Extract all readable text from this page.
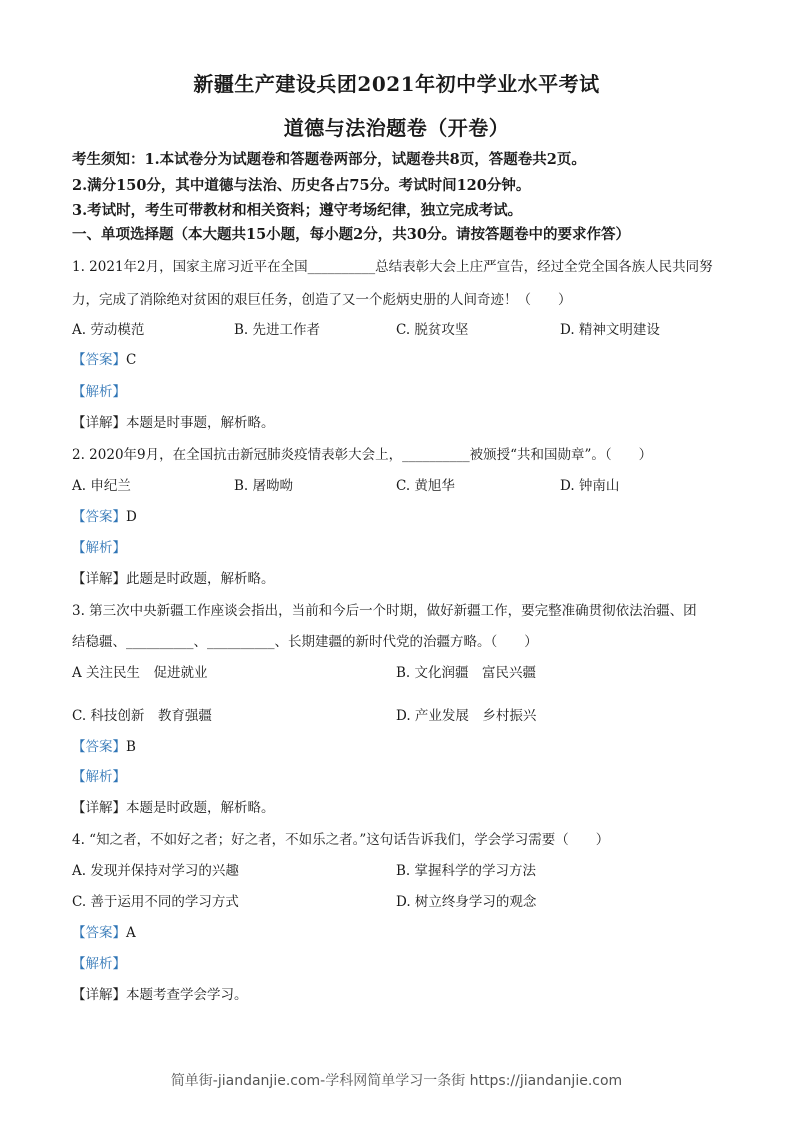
新疆生产建设兵团2021年初中学业水平考试
道德与法治题卷（开卷）
考生须知：1.本试卷分为试题卷和答题卷两部分，试题卷共8页，答题卷共2页。
2.满分150分，其中道德与法治、历史各占75分。考试时间120分钟。
3.考试时，考生可带教材和相关资料；遵守考场纪律，独立完成考试。
一、单项选择题（本大题共15小题，每小题2分，共30分。请按答题卷中的要求作答）
1. 2021年2月，国家主席习近平在全国__________总结表彰大会上庄严宣告，经过全党全国各族人民共同努
力，完成了消除绝对贫困的艰巨任务，创造了又一个彪炳史册的人间奇迹！（　　）
A. 劳动模范	B. 先进工作者	C. 脱贫攻坚	D. 精神文明建设
【答案】C
【解析】
【详解】本题是时事题，解析略。
2. 2020年9月，在全国抗击新冠肺炎疫情表彰大会上，__________被颁授“共和国勋章”。（　　）
A. 申纪兰	B. 屠呦呦	C. 黄旭华	D. 钟南山
【答案】D
【解析】
【详解】此题是时政题，解析略。
3. 第三次中央新疆工作座谈会指出，当前和今后一个时期，做好新疆工作，要完整准确贯彻依法治疆、团
结稳疆、__________、__________、长期建疆的新时代党的治疆方略。（　　）
A 关注民生　促进就业	B. 文化润疆　富民兴疆
C. 科技创新　教育强疆	D. 产业发展　乡村振兴
【答案】B
【解析】
【详解】本题是时政题，解析略。
4. “知之者，不如好之者；好之者，不如乐之者。”这句话告诉我们，学会学习需要（　　）
A. 发现并保持对学习的兴趣	B. 掌握科学的学习方法
C. 善于运用不同的学习方式	D. 树立终身学习的观念
【答案】A
【解析】
【详解】本题考查学会学习。
简单街-jiandanjie.com-学科网简单学习一条街 https://jiandanjie.com
